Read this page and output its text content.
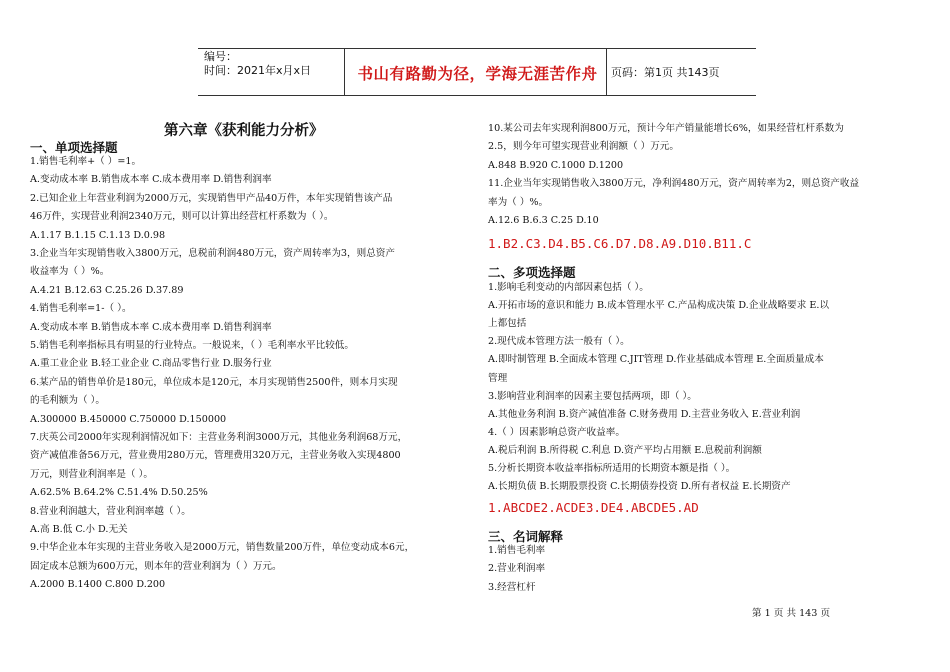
编号：
时间：2021年x月x日	书山有路勤为径，学海无涯苦作舟	页码：第1页 共143页
第六章《获利能力分析》
一、单项选择题
1.销售毛利率+（ ）=1。
A.变动成本率 B.销售成本率 C.成本费用率 D.销售利润率
2.已知企业上年营业利润为2000万元，实现销售甲产品40万件，本年实现销售该产品
46万件，实现营业利润2340万元，则可以计算出经营杠杆系数为（ ）。
A.1.17 B.1.15 C.1.13 D.0.98
3.企业当年实现销售收入3800万元，息税前利润480万元，资产周转率为3，则总资产
收益率为（ ）%。
A.4.21 B.12.63 C.25.26 D.37.89
4.销售毛利率=1-（ ）。
A.变动成本率 B.销售成本率 C.成本费用率 D.销售利润率
5.销售毛利率指标具有明显的行业特点。一般说来，（ ）毛利率水平比较低。
A.重工业企业 B.轻工业企业 C.商品零售行业 D.服务行业
6.某产品的销售单价是180元，单位成本是120元，本月实现销售2500件，则本月实现
的毛利额为（ ）。
A.300000 B.450000 C.750000 D.150000
7.庆英公司2000年实现利润情况如下：主营业务利润3000万元，其他业务利润68万元，
资产减值准备56万元，营业费用280万元，管理费用320万元，主营业务收入实现4800
万元，则营业利润率是（ ）。
A.62.5% B.64.2% C.51.4% D.50.25%
8.营业利润越大，营业利润率越（ ）。
A.高 B.低 C.小 D.无关
9.中华企业本年实现的主营业务收入是2000万元，销售数量200万件，单位变动成本6元，
固定成本总额为600万元，则本年的营业利润为（ ）万元。
A.2000 B.1400 C.800 D.200
10.某公司去年实现利润800万元，预计今年产销量能增长6%，如果经营杠杆系数为
2.5，则今年可望实现营业利润额（ ）万元。
A.848 B.920 C.1000 D.1200
11.企业当年实现销售收入3800万元，净利润480万元，资产周转率为2，则总资产收益
率为（ ）%。
A.12.6 B.6.3 C.25 D.10
1.B2.C3.D4.B5.C6.D7.D8.A9.D10.B11.C
二、多项选择题
1.影响毛利变动的内部因素包括（ ）。
A.开拓市场的意识和能力 B.成本管理水平 C.产品构成决策 D.企业战略要求 E.以
上都包括
2.现代成本管理方法一般有（ ）。
A.即时制管理 B.全面成本管理 C.JIT管理 D.作业基础成本管理 E.全面质量成本
管理
3.影响营业利润率的因素主要包括两项，即（ ）。
A.其他业务利润 B.资产减值准备 C.财务费用 D.主营业务收入 E.营业利润
4.（ ）因素影响总资产收益率。
A.税后利润 B.所得税 C.利息 D.资产平均占用额 E.息税前利润额
5.分析长期资本收益率指标所适用的长期资本额是指（ ）。
A.长期负债 B.长期股票投资 C.长期债券投资 D.所有者权益 E.长期资产
1.ABCDE2.ACDE3.DE4.ABCDE5.AD
三、名词解释
1.销售毛利率
2.营业利润率
3.经营杠杆
第 1 页 共 143 页
